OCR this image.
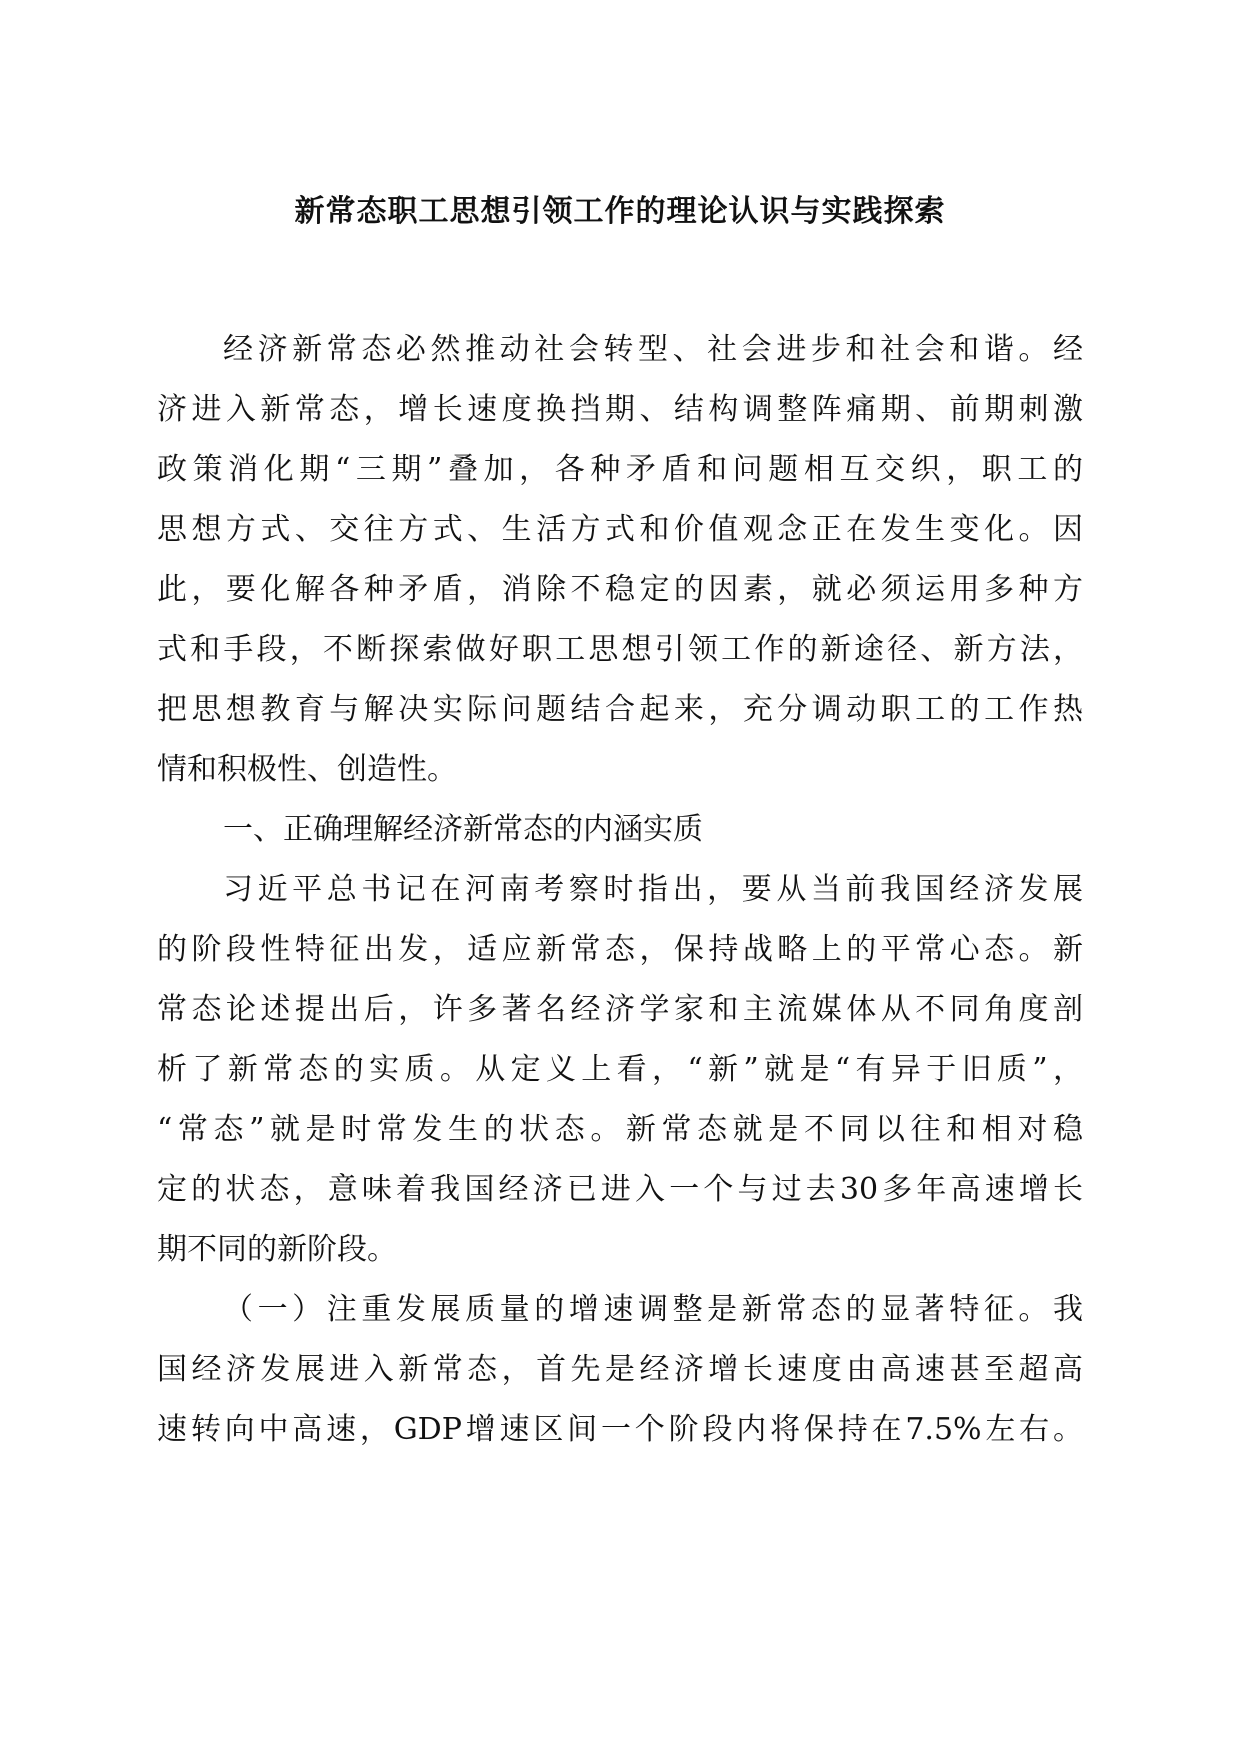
新常态职工思想引领工作的理论认识与实践探索
经济新常态必然推动社会转型、社会进步和社会和谐。经
济进入新常态，增长速度换挡期、结构调整阵痛期、前期刺激
政策消化期“三期”叠加，各种矛盾和问题相互交织，职工的
思想方式、交往方式、生活方式和价值观念正在发生变化。因
此，要化解各种矛盾，消除不稳定的因素，就必须运用多种方
式和手段，不断探索做好职工思想引领工作的新途径、新方法，
把思想教育与解决实际问题结合起来，充分调动职工的工作热
情和积极性、创造性。
一、正确理解经济新常态的内涵实质
习近平总书记在河南考察时指出，要从当前我国经济发展
的阶段性特征出发，适应新常态，保持战略上的平常心态。新
常态论述提出后，许多著名经济学家和主流媒体从不同角度剖
析了新常态的实质。从定义上看，“新”就是“有异于旧质”，
“常态”就是时常发生的状态。新常态就是不同以往和相对稳
定的状态，意味着我国经济已进入一个与过去30多年高速增长
期不同的新阶段。
（一）注重发展质量的增速调整是新常态的显著特征。我
国经济发展进入新常态，首先是经济增长速度由高速甚至超高
速转向中高速，GDP增速区间一个阶段内将保持在7.5%左右。
